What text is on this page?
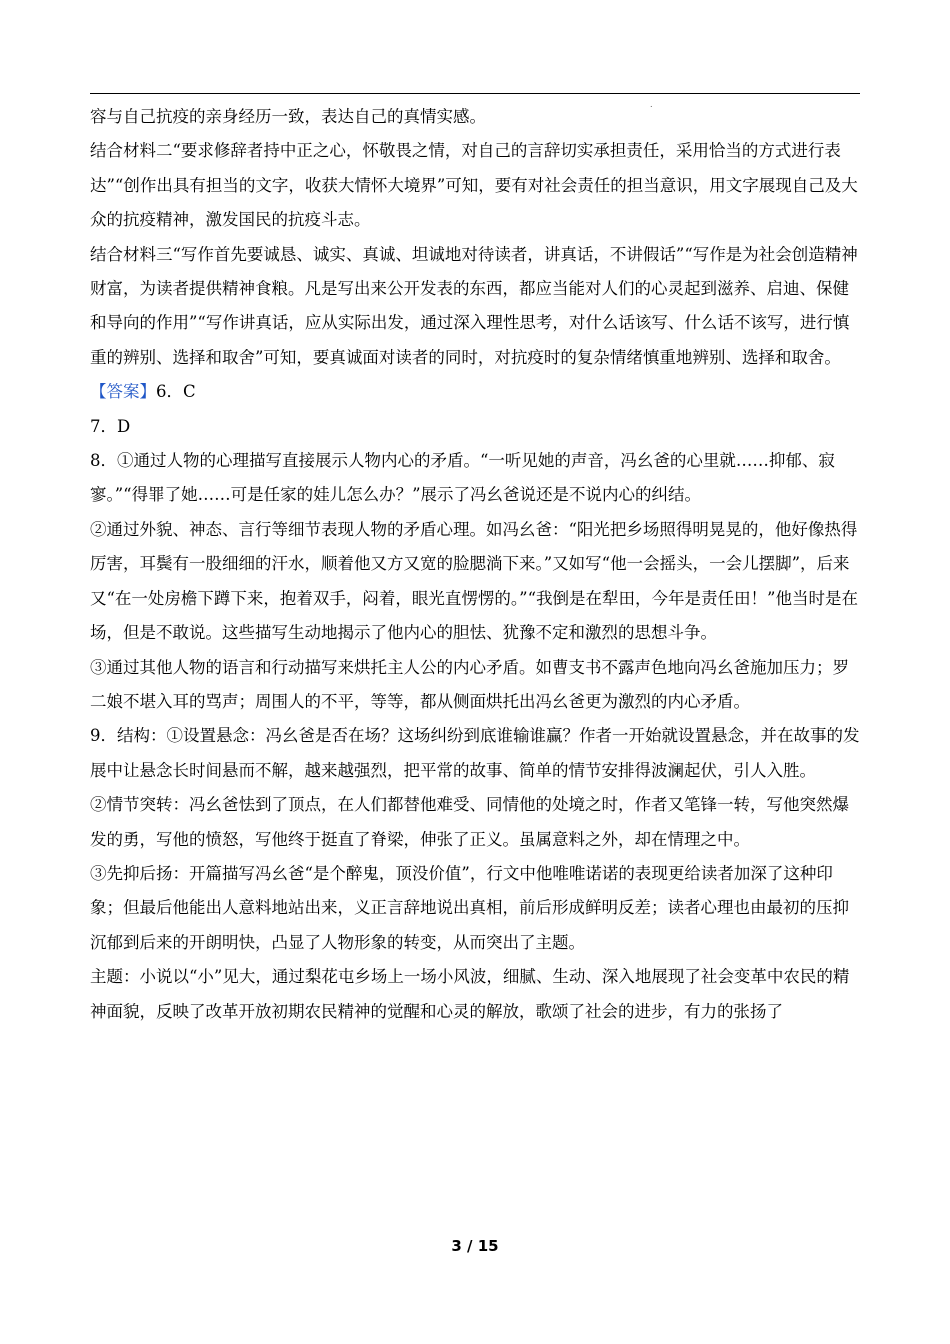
.

容与自己抗疫的亲身经历一致，表达自己的真情实感。

结合材料二“要求修辞者持中正之心，怀敬畏之情，对自己的言辞切实承担责任，采用恰当的方式进行表达”“创作出具有担当的文字，收获大情怀大境界”可知，要有对社会责任的担当意识，用文字展现自己及大众的抗疫精神，激发国民的抗疫斗志。

结合材料三“写作首先要诚恳、诚实、真诚、坦诚地对待读者，讲真话，不讲假话”“写作是为社会创造精神财富，为读者提供精神食粮。凡是写出来公开发表的东西，都应当能对人们的心灵起到滋养、启迪、保健和导向的作用”“写作讲真话，应从实际出发，通过深入理性思考，对什么话该写、什么话不该写，进行慎重的辨别、选择和取舍”可知，要真诚面对读者的同时，对抗疫时的复杂情绪慎重地辨别、选择和取舍。

【答案】6．C

7．D

8．①通过人物的心理描写直接展示人物内心的矛盾。“一听见她的声音，冯幺爸的心里就……抑郁、寂寥。”“得罪了她……可是任家的娃儿怎么办？”展示了冯幺爸说还是不说内心的纠结。

②通过外貌、神态、言行等细节表现人物的矛盾心理。如冯幺爸：“阳光把乡场照得明晃晃的，他好像热得厉害，耳鬓有一股细细的汗水，顺着他又方又宽的脸腮淌下来。”又如写“他一会摇头，一会儿摆脚”，后来又“在一处房檐下蹲下来，抱着双手，闷着，眼光直愣愣的。”“我倒是在犁田，今年是责任田！”他当时是在场，但是不敢说。这些描写生动地揭示了他内心的胆怯、犹豫不定和激烈的思想斗争。

③通过其他人物的语言和行动描写来烘托主人公的内心矛盾。如曹支书不露声色地向冯幺爸施加压力；罗二娘不堪入耳的骂声；周围人的不平，等等，都从侧面烘托出冯幺爸更为激烈的内心矛盾。

9．结构：①设置悬念：冯幺爸是否在场？这场纠纷到底谁输谁赢？作者一开始就设置悬念，并在故事的发展中让悬念长时间悬而不解，越来越强烈，把平常的故事、简单的情节安排得波澜起伏，引人入胜。

②情节突转：冯幺爸怯到了顶点，在人们都替他难受、同情他的处境之时，作者又笔锋一转，写他突然爆发的勇，写他的愤怒，写他终于挺直了脊梁，伸张了正义。虽属意料之外，却在情理之中。

③先抑后扬：开篇描写冯幺爸“是个醉鬼，顶没价值”，行文中他唯唯诺诺的表现更给读者加深了这种印象；但最后他能出人意料地站出来，义正言辞地说出真相，前后形成鲜明反差；读者心理也由最初的压抑沉郁到后来的开朗明快，凸显了人物形象的转变，从而突出了主题。

主题：小说以“小”见大，通过梨花屯乡场上一场小风波，细腻、生动、深入地展现了社会变革中农民的精神面貌，反映了改革开放初期农民精神的觉醒和心灵的解放，歌颂了社会的进步，有力的张扬了

3 / 15
